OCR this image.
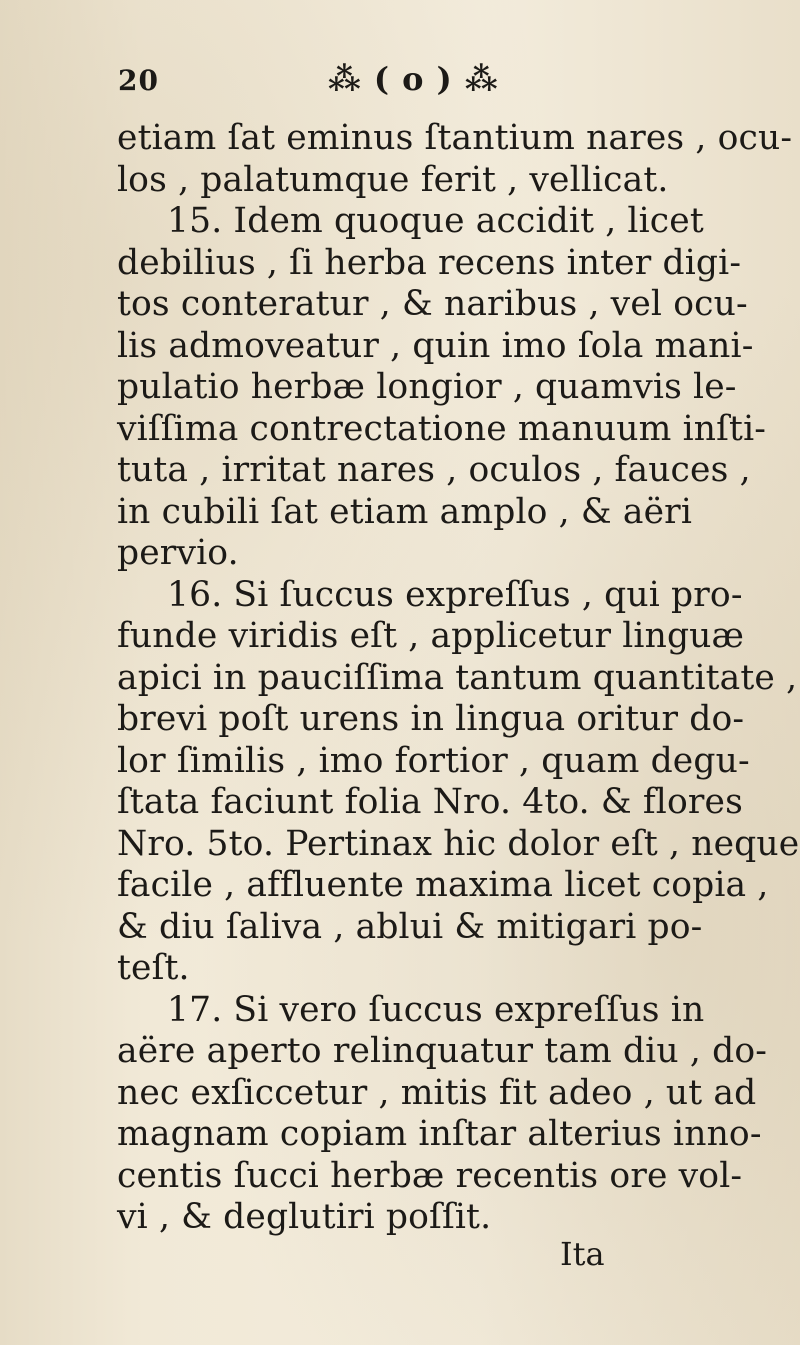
20	⁂ ( o ) ⁂
etiam ſat eminus ſtantium nares , ocu-
los , palatumque ferit , vellicat.
15. Idem quoque accidit , licet
debilius , ſi herba recens inter digi-
tos conteratur , & naribus , vel ocu-
lis admoveatur , quin imo ſola mani-
pulatio herbæ longior , quamvis le-
viſſima contrectatione manuum inſti-
tuta , irritat nares , oculos , fauces ,
in cubili ſat etiam amplo , & aëri
pervio.
16. Si ſuccus expreſſus , qui pro-
funde viridis eſt , applicetur linguæ
apici in pauciſſima tantum quantitate ,
brevi poſt urens in lingua oritur do-
lor ſimilis , imo fortior , quam degu-
ſtata faciunt folia Nro. 4to. & flores
Nro. 5to. Pertinax hic dolor eſt , neque
facile , affluente maxima licet copia ,
& diu ſaliva , ablui & mitigari po-
teſt.
17. Si vero ſuccus expreſſus in
aëre aperto relinquatur tam diu , do-
nec exſiccetur , mitis fit adeo , ut ad
magnam copiam inſtar alterius inno-
centis ſucci herbæ recentis ore vol-
vi , & deglutiri poſſit.
Ita
